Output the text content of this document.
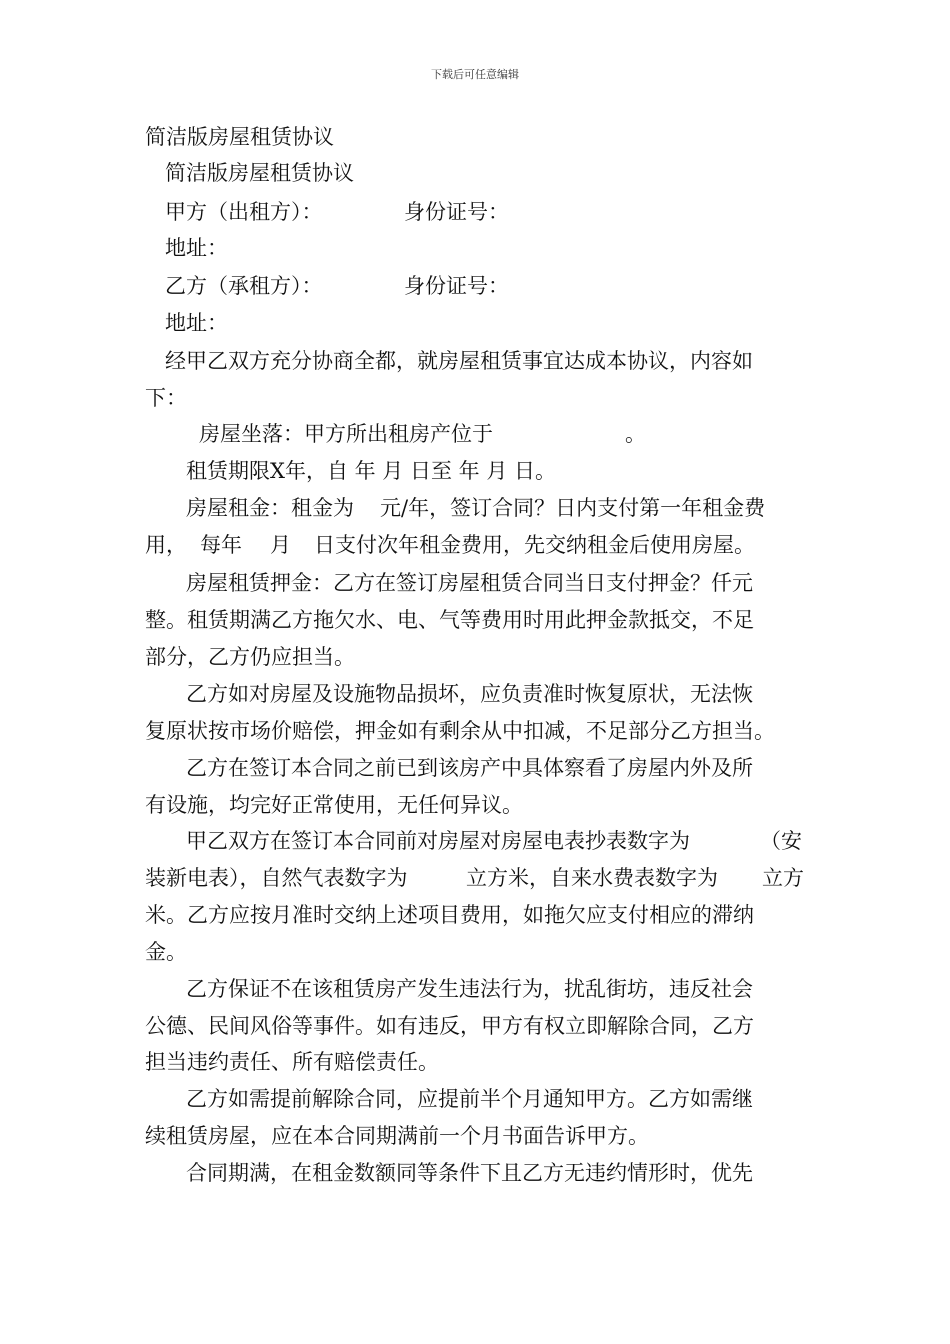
下载后可任意编辑
简洁版房屋租赁协议
简洁版房屋租赁协议
甲方（出租方）：	身份证号：
地址：
乙方（承租方）：	身份证号：
地址：
经甲乙双方充分协商全都，就房屋租赁事宜达成本协议，内容如
下：
房屋坐落：甲方所出租房产位于	。
租赁期限Ⅹ年，自 年 月 日至 年 月 日。
房屋租金：租金为 元/年，签订合同？日内支付第一年租金费
用， 每年 月 日支付次年租金费用，先交纳租金后使用房屋。
房屋租赁押金：乙方在签订房屋租赁合同当日支付押金？仟元
整。租赁期满乙方拖欠水、电、气等费用时用此押金款抵交，不足
部分，乙方仍应担当。
乙方如对房屋及设施物品损坏，应负责准时恢复原状，无法恢
复原状按市场价赔偿，押金如有剩余从中扣减，不足部分乙方担当。
乙方在签订本合同之前已到该房产中具体察看了房屋内外及所
有设施，均完好正常使用，无任何异议。
甲乙双方在签订本合同前对房屋对房屋电表抄表数字为	（安
装新电表），自然气表数字为	立方米，自来水费表数字为 立方
米。乙方应按月准时交纳上述项目费用，如拖欠应支付相应的滞纳
金。
乙方保证不在该租赁房产发生违法行为，扰乱街坊，违反社会
公德、民间风俗等事件。如有违反，甲方有权立即解除合同，乙方
担当违约责任、所有赔偿责任。
乙方如需提前解除合同，应提前半个月通知甲方。乙方如需继
续租赁房屋，应在本合同期满前一个月书面告诉甲方。
合同期满，在租金数额同等条件下且乙方无违约情形时，优先
